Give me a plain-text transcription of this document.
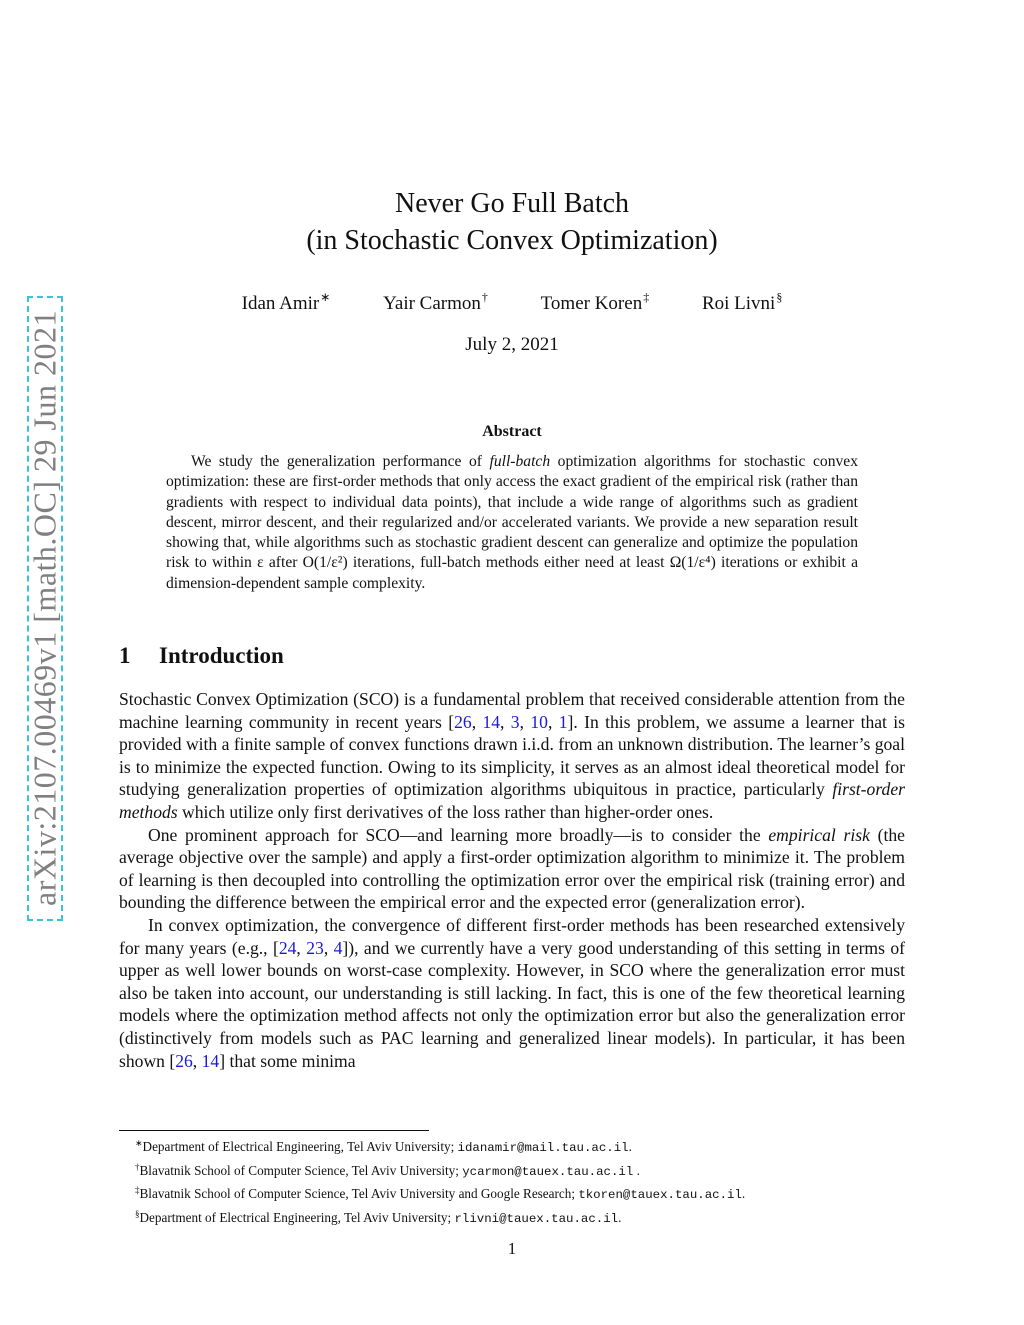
arXiv:2107.00469v1 [math.OC] 29 Jun 2021
Never Go Full Batch
(in Stochastic Convex Optimization)
Idan Amir∗	Yair Carmon†	Tomer Koren‡	Roi Livni§
July 2, 2021
Abstract

We study the generalization performance of full-batch optimization algorithms for stochastic convex optimization: these are first-order methods that only access the exact gradient of the empirical risk (rather than gradients with respect to individual data points), that include a wide range of algorithms such as gradient descent, mirror descent, and their regularized and/or accelerated variants. We provide a new separation result showing that, while algorithms such as stochastic gradient descent can generalize and optimize the population risk to within ε after O(1/ε²) iterations, full-batch methods either need at least Ω(1/ε⁴) iterations or exhibit a dimension-dependent sample complexity.

1 Introduction

Stochastic Convex Optimization (SCO) is a fundamental problem that received considerable attention from the machine learning community in recent years [26, 14, 3, 10, 1]. In this problem, we assume a learner that is provided with a finite sample of convex functions drawn i.i.d. from an unknown distribution. The learner’s goal is to minimize the expected function. Owing to its simplicity, it serves as an almost ideal theoretical model for studying generalization properties of optimization algorithms ubiquitous in practice, particularly first-order methods which utilize only first derivatives of the loss rather than higher-order ones.

One prominent approach for SCO—and learning more broadly—is to consider the empirical risk (the average objective over the sample) and apply a first-order optimization algorithm to minimize it. The problem of learning is then decoupled into controlling the optimization error over the empirical risk (training error) and bounding the difference between the empirical error and the expected error (generalization error).

In convex optimization, the convergence of different first-order methods has been researched extensively for many years (e.g., [24, 23, 4]), and we currently have a very good understanding of this setting in terms of upper as well lower bounds on worst-case complexity. However, in SCO where the generalization error must also be taken into account, our understanding is still lacking. In fact, this is one of the few theoretical learning models where the optimization method affects not only the optimization error but also the generalization error (distinctively from models such as PAC learning and generalized linear models). In particular, it has been shown [26, 14] that some minima

∗Department of Electrical Engineering, Tel Aviv University; idanamir@mail.tau.ac.il.
†Blavatnik School of Computer Science, Tel Aviv University; ycarmon@tauex.tau.ac.il .
‡Blavatnik School of Computer Science, Tel Aviv University and Google Research; tkoren@tauex.tau.ac.il.
§Department of Electrical Engineering, Tel Aviv University; rlivni@tauex.tau.ac.il.
1
